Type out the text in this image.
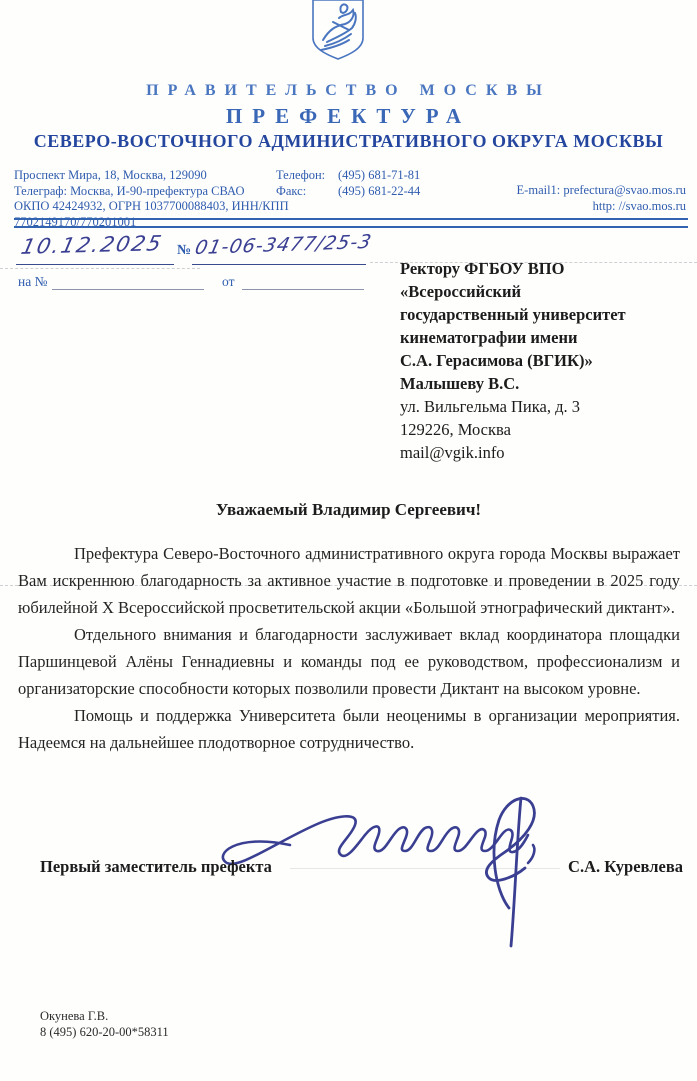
ПРАВИТЕЛЬСТВО МОСКВЫ
ПРЕФЕКТУРА
СЕВЕРО-ВОСТОЧНОГО АДМИНИСТРАТИВНОГО ОКРУГА МОСКВЫ
Проспект Мира, 18, Москва, 129090
Телеграф: Москва, И-90-префектура СВАО
ОКПО 42424932, ОГРН 1037700088403, ИНН/КПП 7702149170/770201001
Телефон: (495) 681-71-81
Факс:	(495) 681-22-44	E-mail1: prefectura@svao.mos.ru
http: //svao.mos.ru
10.12.2025 № 01-06-3477/25-3
на №	от
Ректору ФГБОУ ВПО
«Всероссийский
государственный университет
кинематографии имени
С.А. Герасимова (ВГИК)»
Малышеву В.С.
ул. Вильгельма Пика, д. 3
129226, Москва
mail@vgik.info
Уважаемый Владимир Сергеевич!

Префектура Северо-Восточного административного округа города Москвы выражает Вам искреннюю благодарность за активное участие в подготовке и проведении в 2025 году юбилейной X Всероссийской просветительской акции «Большой этнографический диктант».

Отдельного внимания и благодарности заслуживает вклад координатора площадки Паршинцевой Алёны Геннадиевны и команды под ее руководством, профессионализм и организаторские способности которых позволили провести Диктант на высоком уровне.

Помощь и поддержка Университета были неоценимы в организации мероприятия. Надеемся на дальнейшее плодотворное сотрудничество.

Первый заместитель префекта	С.А. Куревлева
Окунева Г.В.
8 (495) 620-20-00*58311
